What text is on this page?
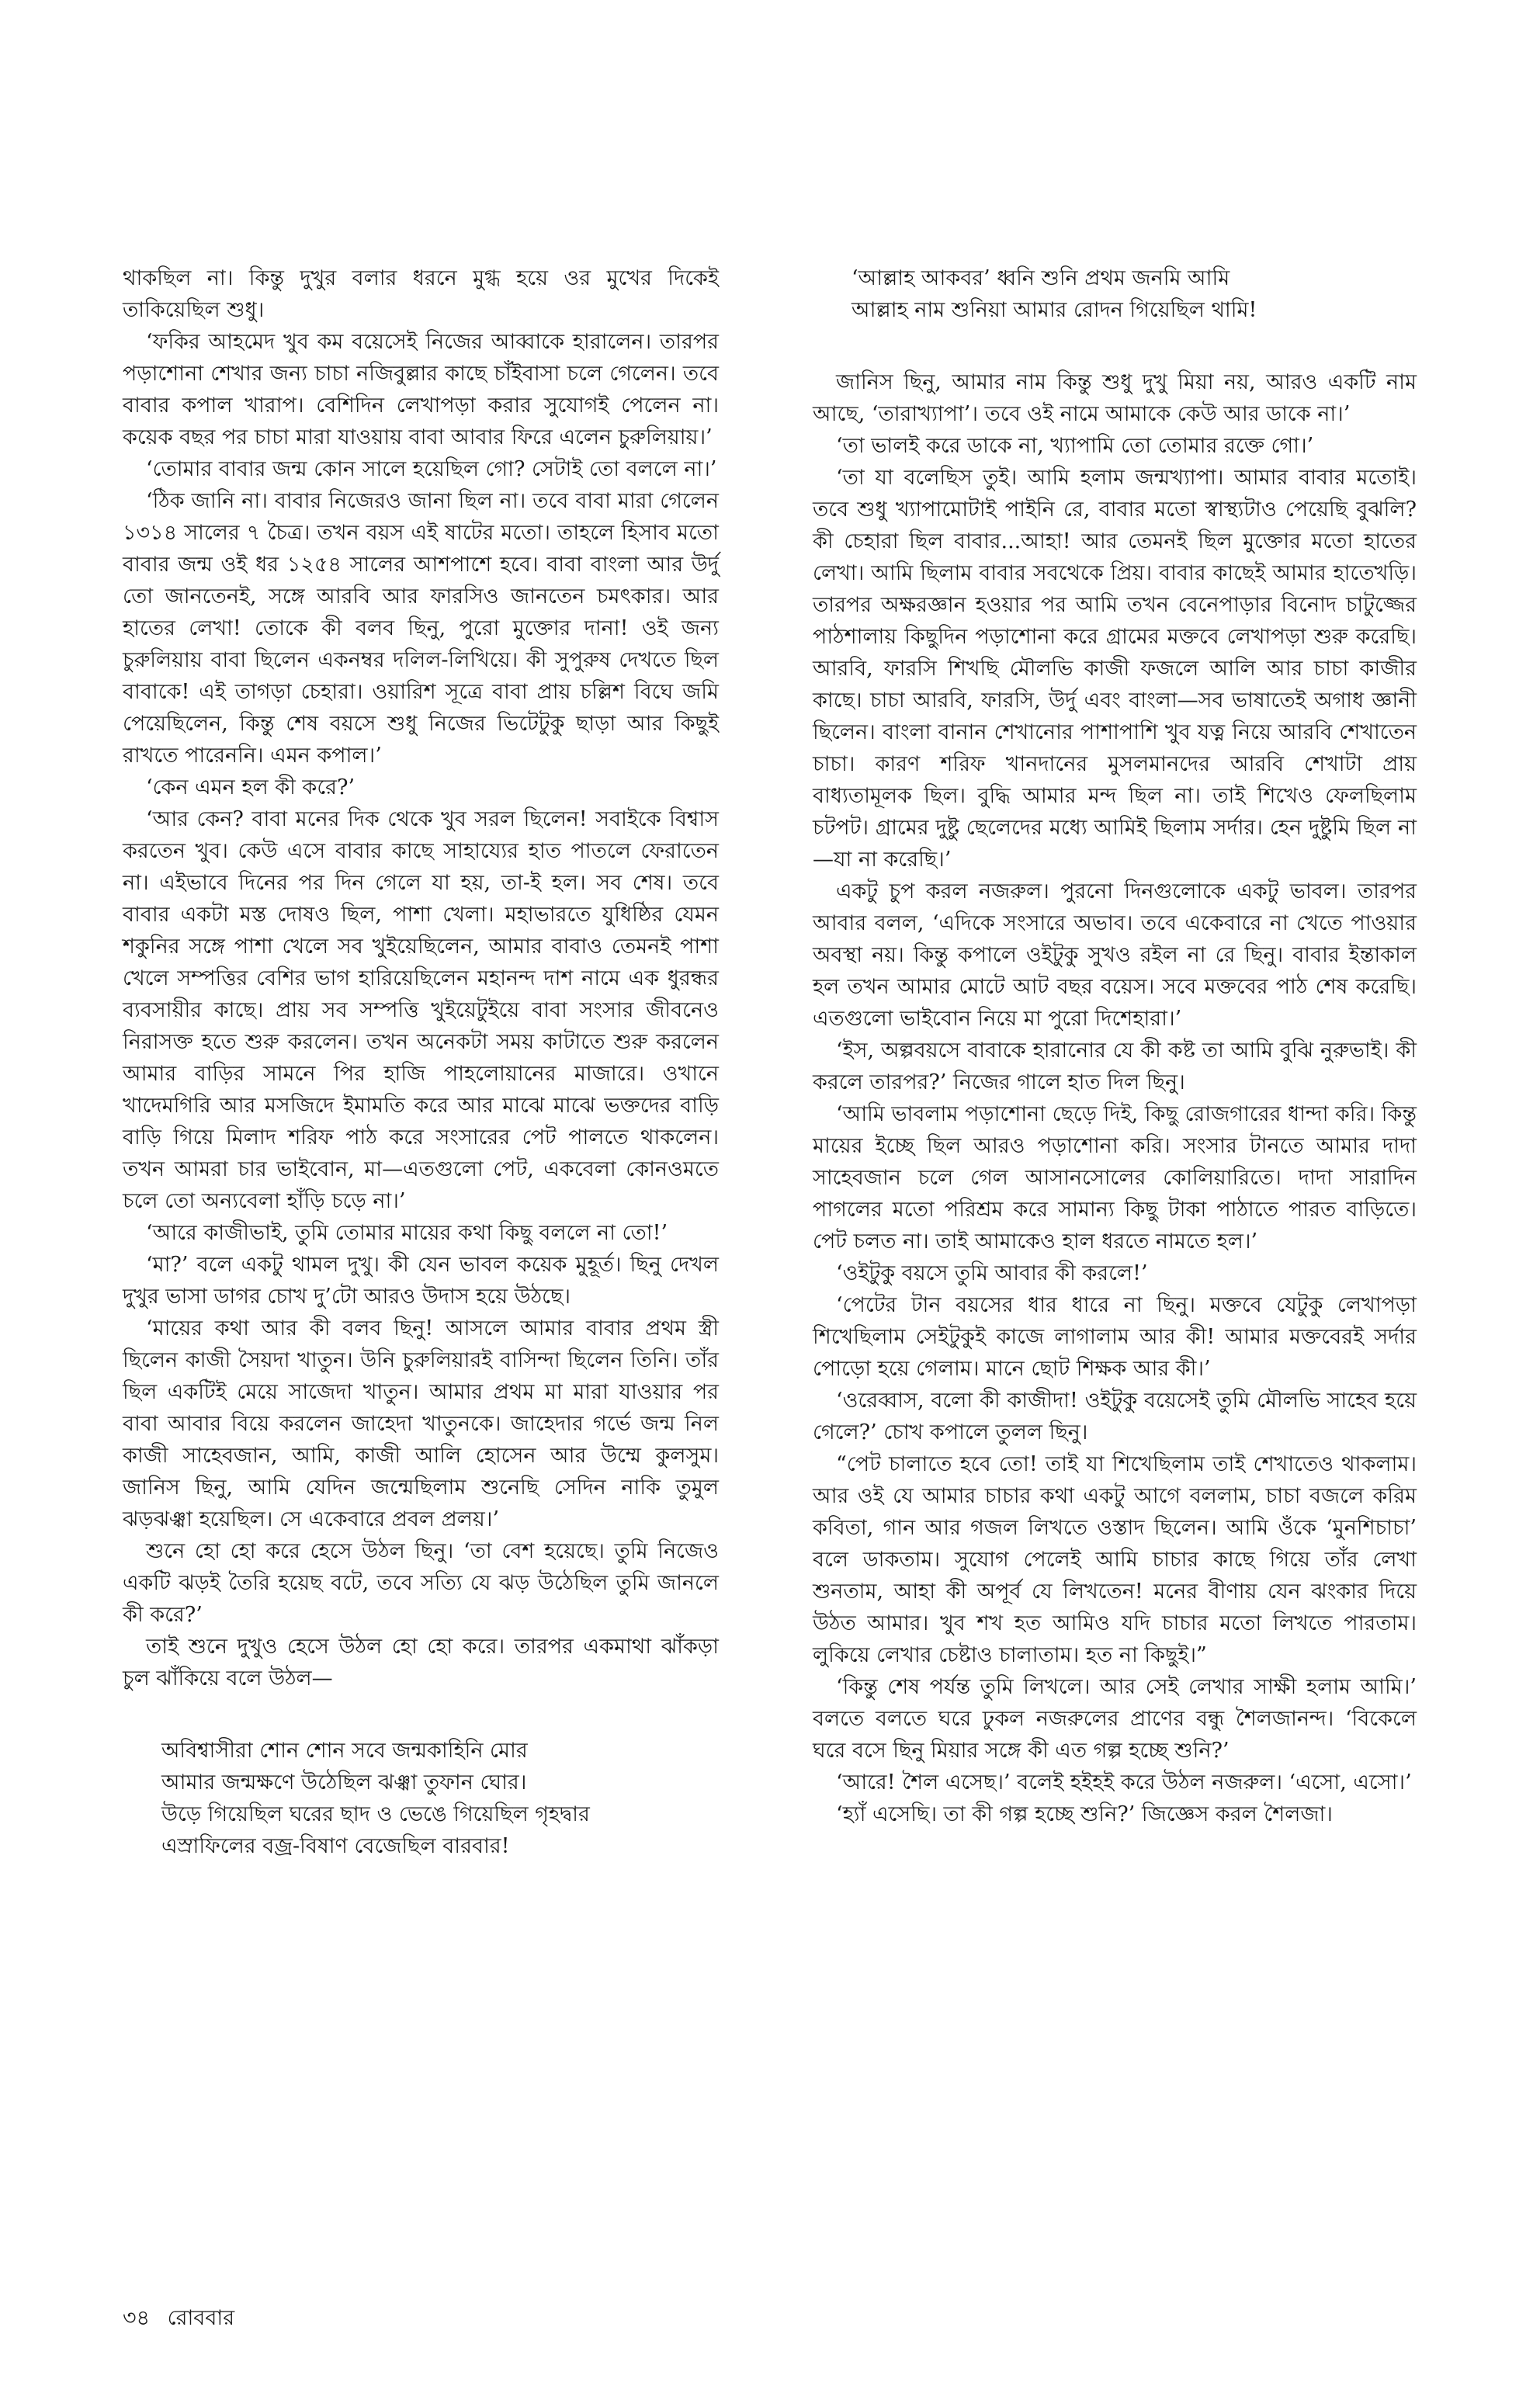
থাকছিল না। কিন্তু দুখুর বলার ধরনে মুগ্ধ হয়ে ওর মুখের দিকেই তাকিয়েছিল শুধু।

‘ফকির আহমেদ খুব কম বয়েসেই নিজের আব্বাকে হারালেন। তারপর পড়াশোনা শেখার জন্য চাচা নজিবুল্লার কাছে চাঁইবাসা চলে গেলেন। তবে বাবার কপাল খারাপ। বেশিদিন লেখাপড়া করার সুযোগই পেলেন না। কয়েক বছর পর চাচা মারা যাওয়ায় বাবা আবার ফিরে এলেন চুরুলিয়ায়।’

‘তোমার বাবার জন্ম কোন সালে হয়েছিল গো? সেটাই তো বললে না।’

‘ঠিক জানি না। বাবার নিজেরও জানা ছিল না। তবে বাবা মারা গেলেন ১৩১৪ সালের ৭ চৈত্র। তখন বয়স এই ষাটের মতো। তাহলে হিসাব মতো বাবার জন্ম ওই ধর ১২৫৪ সালের আশপাশে হবে। বাবা বাংলা আর উর্দু তো জানতেনই, সঙ্গে আরবি আর ফারসিও জানতেন চমৎকার। আর হাতের লেখা! তোকে কী বলব ছিনু, পুরো মুক্তোর দানা! ওই জন্য চুরুলিয়ায় বাবা ছিলেন একনম্বর দলিল-লিখিয়ে। কী সুপুরুষ দেখতে ছিল বাবাকে! এই তাগড়া চেহারা। ওয়ারিশ সূত্রে বাবা প্রায় চল্লিশ বিঘে জমি পেয়েছিলেন, কিন্তু শেষ বয়সে শুধু নিজের ভিটেটুকু ছাড়া আর কিছুই রাখতে পারেননি। এমন কপাল।’

‘কেন এমন হল কী করে?’

‘আর কেন? বাবা মনের দিক থেকে খুব সরল ছিলেন! সবাইকে বিশ্বাস করতেন খুব। কেউ এসে বাবার কাছে সাহায্যের হাত পাতলে ফেরাতেন না। এইভাবে দিনের পর দিন গেলে যা হয়, তা-ই হল। সব শেষ। তবে বাবার একটা মস্ত দোষও ছিল, পাশা খেলা। মহাভারতে যুধিষ্ঠির যেমন শকুনির সঙ্গে পাশা খেলে সব খুইয়েছিলেন, আমার বাবাও তেমনই পাশা খেলে সম্পত্তির বেশির ভাগ হারিয়েছিলেন মহানন্দ দাশ নামে এক ধুরন্ধর ব্যবসায়ীর কাছে। প্রায় সব সম্পত্তি খুইয়েটুইয়ে বাবা সংসার জীবনেও নিরাসক্ত হতে শুরু করলেন। তখন অনেকটা সময় কাটাতে শুরু করলেন আমার বাড়ির সামনে পির হাজি পাহলোয়ানের মাজারে। ওখানে খাদেমগিরি আর মসজিদে ইমামতি করে আর মাঝে মাঝে ভক্তদের বাড়ি বাড়ি গিয়ে মিলাদ শরিফ পাঠ করে সংসারের পেট পালতে থাকলেন। তখন আমরা চার ভাইবোন, মা—এতগুলো পেট, একবেলা কোনওমতে চলে তো অন্যবেলা হাঁড়ি চড়ে না।’

‘আরে কাজীভাই, তুমি তোমার মায়ের কথা কিছু বললে না তো!’

‘মা?’ বলে একটু থামল দুখু। কী যেন ভাবল কয়েক মুহূর্ত। ছিনু দেখল দুখুর ভাসা ডাগর চোখ দু’টো আরও উদাস হয়ে উঠছে।

‘মায়ের কথা আর কী বলব ছিনু! আসলে আমার বাবার প্রথম স্ত্রী ছিলেন কাজী সৈয়দা খাতুন। উনি চুরুলিয়ারই বাসিন্দা ছিলেন তিনি। তাঁর ছিল একটিই মেয়ে সাজেদা খাতুন। আমার প্রথম মা মারা যাওয়ার পর বাবা আবার বিয়ে করলেন জাহেদা খাতুনকে। জাহেদার গর্ভে জন্ম নিল কাজী সাহেবজান, আমি, কাজী আলি হোসেন আর উম্মে কুলসুম। জানিস ছিনু, আমি যেদিন জন্মেছিলাম শুনেছি সেদিন নাকি তুমুল ঝড়ঝঞ্ঝা হয়েছিল। সে একেবারে প্রবল প্রলয়।’

শুনে হো হো করে হেসে উঠল ছিনু। ‘তা বেশ হয়েছে। তুমি নিজেও একটি ঝড়ই তৈরি হয়েছ বটে, তবে সত্যি যে ঝড় উঠেছিল তুমি জানলে কী করে?’

তাই শুনে দুখুও হেসে উঠল হো হো করে। তারপর একমাথা ঝাঁকড়া চুল ঝাঁকিয়ে বলে উঠল—

অবিশ্বাসীরা শোন শোন সবে জন্মকাহিনি মোর
আমার জন্মক্ষণে উঠেছিল ঝঞ্ঝা তুফান ঘোর।
উড়ে গিয়েছিল ঘরের ছাদ ও ভেঙে গিয়েছিল গৃহদ্বার
এস্রাফিলের বজ্র-বিষাণ বেজেছিল বারবার!
‘আল্লাহ আকবর’ ধ্বনি শুনি প্রথম জনমি আমি
আল্লাহ নাম শুনিয়া আমার রোদন গিয়েছিল থামি!

জানিস ছিনু, আমার নাম কিন্তু শুধু দুখু মিয়া নয়, আরও একটি নাম আছে, ‘তারাখ্যাপা’। তবে ওই নামে আমাকে কেউ আর ডাকে না।’

‘তা ভালই করে ডাকে না, খ্যাপামি তো তোমার রক্তে গো।’

‘তা যা বলেছিস তুই। আমি হলাম জন্মখ্যাপা। আমার বাবার মতোই। তবে শুধু খ্যাপামোটাই পাইনি রে, বাবার মতো স্বাস্থ্যটাও পেয়েছি বুঝলি? কী চেহারা ছিল বাবার...আহা! আর তেমনই ছিল মুক্তোর মতো হাতের লেখা। আমি ছিলাম বাবার সবথেকে প্রিয়। বাবার কাছেই আমার হাতেখড়ি। তারপর অক্ষরজ্ঞান হওয়ার পর আমি তখন বেনেপাড়ার বিনোদ চাটুজ্জের পাঠশালায় কিছুদিন পড়াশোনা করে গ্রামের মক্তবে লেখাপড়া শুরু করেছি। আরবি, ফারসি শিখছি মৌলভি কাজী ফজলে আলি আর চাচা কাজীর কাছে। চাচা আরবি, ফারসি, উর্দু এবং বাংলা—সব ভাষাতেই অগাধ জ্ঞানী ছিলেন। বাংলা বানান শেখানোর পাশাপাশি খুব যত্ন নিয়ে আরবি শেখাতেন চাচা। কারণ শরিফ খানদানের মুসলমানদের আরবি শেখাটা প্রায় বাধ্যতামূলক ছিল। বুদ্ধি আমার মন্দ ছিল না। তাই শিখেও ফেলছিলাম চটপট। গ্রামের দুষ্টু ছেলেদের মধ্যে আমিই ছিলাম সর্দার। হেন দুষ্টুমি ছিল না—যা না করেছি।’

একটু চুপ করল নজরুল। পুরনো দিনগুলোকে একটু ভাবল। তারপর আবার বলল, ‘এদিকে সংসারে অভাব। তবে একেবারে না খেতে পাওয়ার অবস্থা নয়। কিন্তু কপালে ওইটুকু সুখও রইল না রে ছিনু। বাবার ইন্তাকাল হল তখন আমার মোটে আট বছর বয়েস। সবে মক্তবের পাঠ শেষ করেছি। এতগুলো ভাইবোন নিয়ে মা পুরো দিশেহারা।’

‘ইস, অল্পবয়সে বাবাকে হারানোর যে কী কষ্ট তা আমি বুঝি নুরুভাই। কী করলে তারপর?’ নিজের গালে হাত দিল ছিনু।

‘আমি ভাবলাম পড়াশোনা ছেড়ে দিই, কিছু রোজগারের ধান্দা করি। কিন্তু মায়ের ইচ্ছে ছিল আরও পড়াশোনা করি। সংসার টানতে আমার দাদা সাহেবজান চলে গেল আসানসোলের কোলিয়ারিতে। দাদা সারাদিন পাগলের মতো পরিশ্রম করে সামান্য কিছু টাকা পাঠাতে পারত বাড়িতে। পেট চলত না। তাই আমাকেও হাল ধরতে নামতে হল।’

‘ওইটুকু বয়সে তুমি আবার কী করলে!’

‘পেটের টান বয়সের ধার ধারে না ছিনু। মক্তবে যেটুকু লেখাপড়া শিখেছিলাম সেইটুকুই কাজে লাগালাম আর কী! আমার মক্তবেরই সর্দার পোড়ো হয়ে গেলাম। মানে ছোট শিক্ষক আর কী।’

‘ওরেব্বাস, বলো কী কাজীদা! ওইটুকু বয়েসেই তুমি মৌলভি সাহেব হয়ে গেলে?’ চোখ কপালে তুলল ছিনু।

“পেট চালাতে হবে তো! তাই যা শিখেছিলাম তাই শেখাতেও থাকলাম। আর ওই যে আমার চাচার কথা একটু আগে বললাম, চাচা বজলে করিম কবিতা, গান আর গজল লিখতে ওস্তাদ ছিলেন। আমি ওঁকে ‘মুনশিচাচা’ বলে ডাকতাম। সুযোগ পেলেই আমি চাচার কাছে গিয়ে তাঁর লেখা শুনতাম, আহা কী অপূর্ব যে লিখতেন! মনের বীণায় যেন ঝংকার দিয়ে উঠত আমার। খুব শখ হত আমিও যদি চাচার মতো লিখতে পারতাম। লুকিয়ে লেখার চেষ্টাও চালাতাম। হত না কিছুই।”

‘কিন্তু শেষ পর্যন্ত তুমি লিখলে। আর সেই লেখার সাক্ষী হলাম আমি।’ বলতে বলতে ঘরে ঢুকল নজরুলের প্রাণের বন্ধু শৈলজানন্দ। ‘বিকেলে ঘরে বসে ছিনু মিয়ার সঙ্গে কী এত গল্প হচ্ছে শুনি?’

‘আরে! শৈল এসেছ।’ বলেই হইহই করে উঠল নজরুল। ‘এসো, এসো।’

‘হ্যাঁ এসেছি। তা কী গল্প হচ্ছে শুনি?’ জিজ্ঞেস করল শৈলজা।

৩৪ রোববার
